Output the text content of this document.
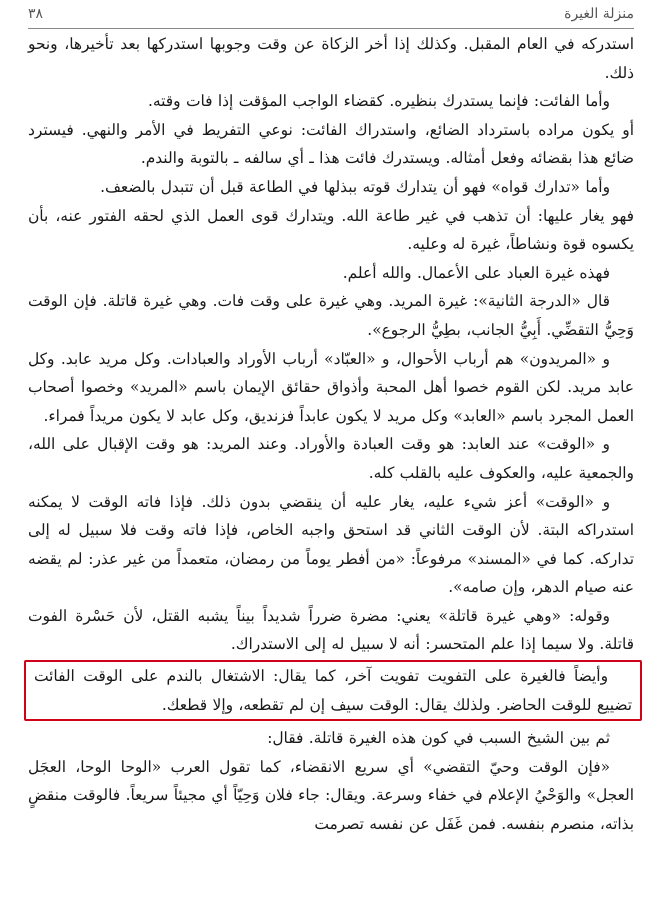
منزلة الغيرة
٣٨

استدركه في العام المقبل. وكذلك إذا أخر الزكاة عن وقت وجوبها استدركها بعد تأخيرها، ونحو ذلك.

وأما الفائت: فإنما يستدرك بنظيره. كقضاء الواجب المؤقت إذا فات وقته.

أو يكون مراده باسترداد الضائع، واستدراك الفائت: نوعي التفريط في الأمر والنهي. فيسترد ضائع هذا بقضائه وفعل أمثاله. ويستدرك فائت هذا ـ أي سالفه ـ بالتوبة والندم.

وأما «تدارك قواه» فهو أن يتدارك قوته ببذلها في الطاعة قبل أن تتبدل بالضعف.

فهو يغار عليها: أن تذهب في غير طاعة الله. ويتدارك قوى العمل الذي لحقه الفتور عنه، بأن يكسوه قوة ونشاطاً، غيرة له وعليه.

فهذه غيرة العباد على الأعمال. والله أعلم.

قال «الدرجة الثانية»: غيرة المريد. وهي غيرة على وقت فات. وهي غيرة قاتلة. فإن الوقت وَحِيُّ التقضِّي. أَبِيُّ الجانب، بطِيُّ الرجوع».

و «المريدون» هم أرباب الأحوال، و «العبّاد» أرباب الأوراد والعبادات. وكل مريد عابد. وكل عابد مريد. لكن القوم خصوا أهل المحبة وأذواق حقائق الإيمان باسم «المريد» وخصوا أصحاب العمل المجرد باسم «العابد» وكل مريد لا يكون عابداً فزنديق، وكل عابد لا يكون مريداً فمراء.

و «الوقت» عند العابد: هو وقت العبادة والأوراد. وعند المريد: هو وقت الإقبال على الله، والجمعية عليه، والعكوف عليه بالقلب كله.

و «الوقت» أعز شيء عليه، يغار عليه أن ينقضي بدون ذلك. فإذا فاته الوقت لا يمكنه استدراكه البتة. لأن الوقت الثاني قد استحق واجبه الخاص، فإذا فاته وقت فلا سبيل له إلى تداركه. كما في «المسند» مرفوعاً: «من أفطر يوماً من رمضان، متعمداً من غير عذر: لم يقضه عنه صيام الدهر، وإن صامه».

وقوله: «وهي غيرة قاتلة» يعني: مضرة ضرراً شديداً بيناً يشبه القتل، لأن حَسْرة الفوت قاتلة. ولا سيما إذا علم المتحسر: أنه لا سبيل له إلى الاستدراك.

وأيضاً فالغيرة على التفويت تفويت آخر، كما يقال: الاشتغال بالندم على الوقت الفائت تضييع للوقت الحاضر. ولذلك يقال: الوقت سيف إن لم تقطعه، وإلا قطعك.

ثم بين الشيخ السبب في كون هذه الغيرة قاتلة. فقال:

«فإن الوقت وحيّ التقضي» أي سريع الانقضاء، كما تقول العرب «الوحا الوحا، العجَل العجل» والوَحْيُ الإعلام في خفاء وسرعة. ويقال: جاء فلان وَحِيّاً أي مجيئاً سريعاً. فالوقت منقضٍ بذاته، منصرم بنفسه. فمن غَفَل عن نفسه تصرمت
